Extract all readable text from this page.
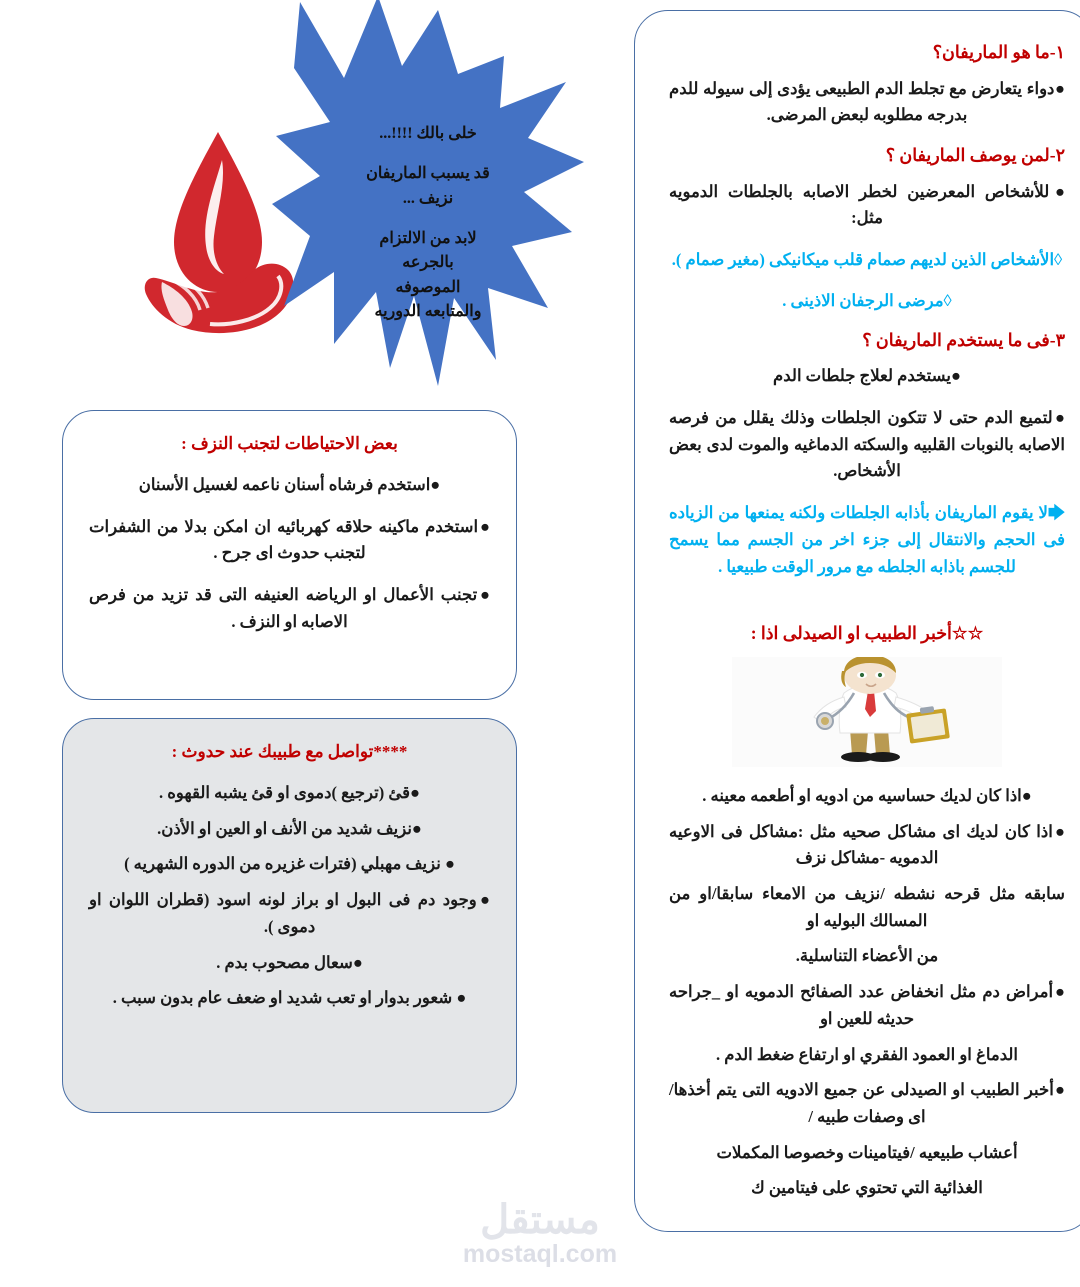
خلى بالك !!!!...
قد يسبب الماريفان
نزيف ...
لابد من الالتزام
بالجرعه
الموصوفه
والمتابعه الدوريه
بعض الاحتياطات لتجنب النزف :

●استخدم فرشاه أسنان ناعمه لغسيل الأسنان

●استخدم ماكينه حلاقه كهربائيه ان امكن بدلا من الشفرات لتجنب حدوث اى جرح .

●تجنب الأعمال او الرياضه العنيفه التى قد تزيد من فرص الاصابه او النزف .

****تواصل مع طبيبك عند حدوث :

●قئ (ترجيع )دموى او قئ يشبه القهوه .

●نزيف شديد من الأنف او العين او الأذن.

● نزيف مهبلي (فترات غزيره من الدوره الشهريه )

●وجود دم فى البول او براز لونه اسود (قطران اللوان او دموى ).

●سعال مصحوب بدم .

● شعور بدوار او تعب شديد او ضعف عام بدون سبب .

١-ما هو الماريفان؟

●دواء يتعارض مع تجلط الدم الطبيعى يؤدى إلى سيوله للدم بدرجه مطلوبه لبعض المرضى.

٢-لمن يوصف الماريفان ؟

●للأشخاص المعرضين لخطر الاصابه بالجلطات الدمويه مثل:

◊الأشخاص الذين لديهم صمام قلب ميكانيكى (مغير صمام ).

◊مرضى الرجفان الاذينى .

٣-فى ما يستخدم الماريفان ؟

●يستخدم لعلاج جلطات الدم

●لتميع الدم حتى لا تتكون الجلطات وذلك يقلل من فرصه الاصابه بالنوبات القلبيه والسكته الدماغيه والموت لدى بعض الأشخاص.

🡆لا يقوم الماريفان بأذابه الجلطات ولكنه يمنعها من الزياده فى الحجم والانتقال إلى جزء اخر من الجسم مما يسمح للجسم باذابه الجلطه مع مرور الوقت طبيعيا .

☆☆أخبر الطبيب او الصيدلى اذا :

●اذا كان لديك حساسيه من ادويه او أطعمه معينه .

●اذا كان لديك اى مشاكل صحيه مثل :مشاكل فى الاوعيه الدمويه -مشاكل نزف

سابقه مثل قرحه نشطه /نزيف من الامعاء سابقا/او من المسالك البوليه او

من الأعضاء التناسلية.

●أمراض دم مثل انخفاض عدد الصفائح الدمويه او _جراحه حديثه للعين او

الدماغ او العمود الفقري او ارتفاع ضغط الدم .

●أخبر الطبيب او الصيدلى عن جميع الادويه التى يتم أخذها/اى وصفات طبيه /

أعشاب طبيعيه /فيتامينات وخصوصا المكملات

الغذائية التي تحتوي على فيتامين ك

مستقل
mostaql.com
